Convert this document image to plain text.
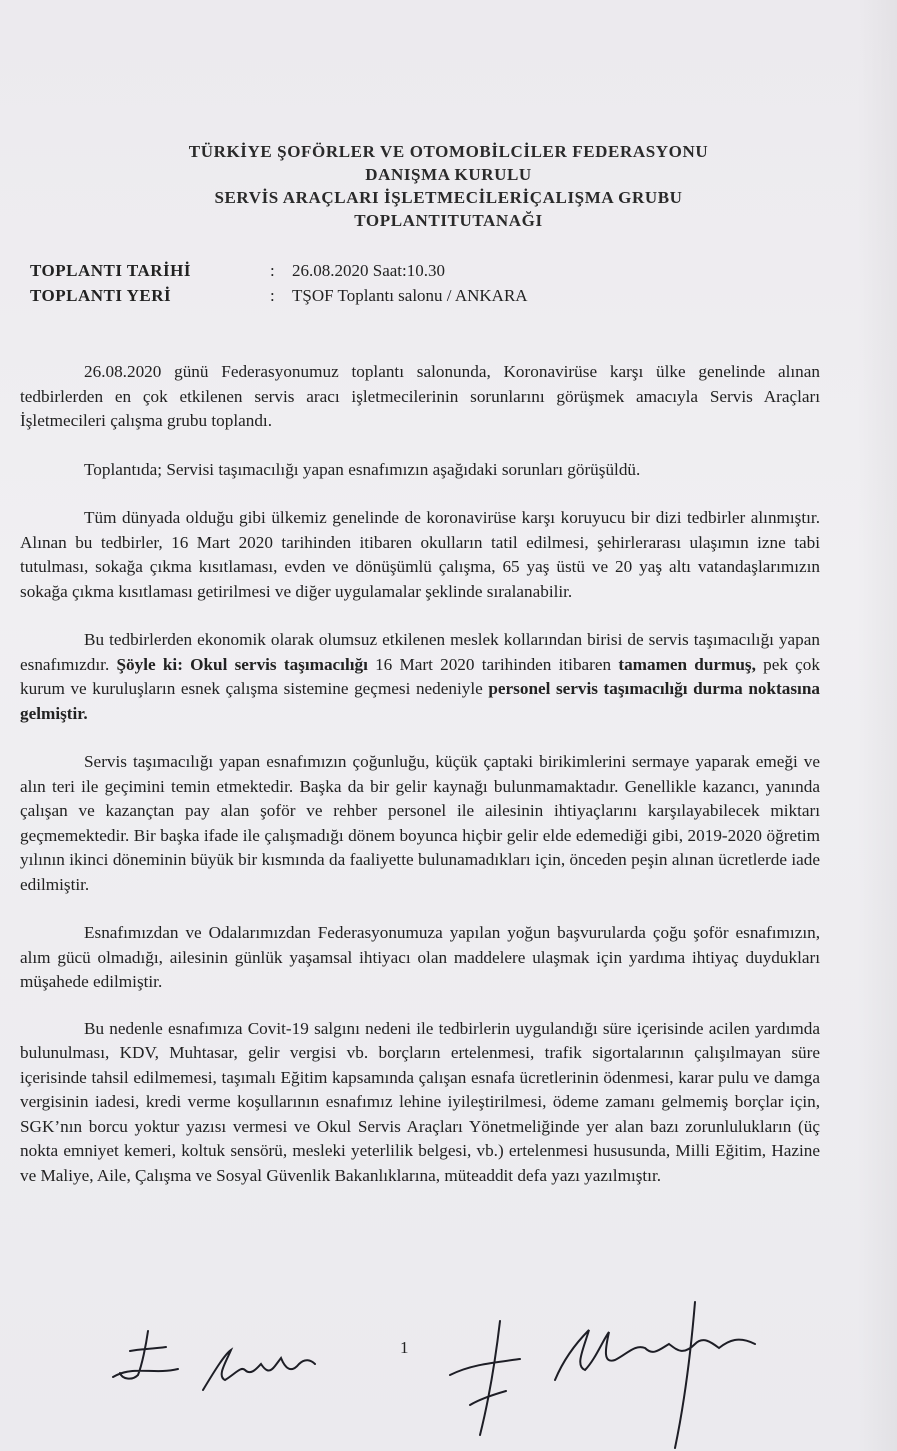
TÜRKİYE ŞOFÖRLER VE OTOMOBİLCİLER FEDERASYONU
DANIŞMA KURULU
SERVİS ARAÇLARI İŞLETMECİLERİÇALIŞMA GRUBU
TOPLANTITUTANAĞI
TOPLANTI TARİHİ	:	26.08.2020 Saat:10.30
TOPLANTI YERİ	:	TŞOF Toplantı salonu / ANKARA

26.08.2020 günü Federasyonumuz toplantı salonunda, Koronavirüse karşı ülke genelinde alınan tedbirlerden en çok etkilenen servis aracı işletmecilerinin sorunlarını görüşmek amacıyla Servis Araçları İşletmecileri çalışma grubu toplandı.

Toplantıda; Servisi taşımacılığı yapan esnafımızın aşağıdaki sorunları görüşüldü.

Tüm dünyada olduğu gibi ülkemiz genelinde de koronavirüse karşı koruyucu bir dizi tedbirler alınmıştır. Alınan bu tedbirler, 16 Mart 2020 tarihinden itibaren okulların tatil edilmesi, şehirlerarası ulaşımın izne tabi tutulması, sokağa çıkma kısıtlaması, evden ve dönüşümlü çalışma, 65 yaş üstü ve 20 yaş altı vatandaşlarımızın sokağa çıkma kısıtlaması getirilmesi ve diğer uygulamalar şeklinde sıralanabilir.

Bu tedbirlerden ekonomik olarak olumsuz etkilenen meslek kollarından birisi de servis taşımacılığı yapan esnafımızdır. Şöyle ki: Okul servis taşımacılığı 16 Mart 2020 tarihinden itibaren tamamen durmuş, pek çok kurum ve kuruluşların esnek çalışma sistemine geçmesi nedeniyle personel servis taşımacılığı durma noktasına gelmiştir.

Servis taşımacılığı yapan esnafımızın çoğunluğu, küçük çaptaki birikimlerini sermaye yaparak emeği ve alın teri ile geçimini temin etmektedir. Başka da bir gelir kaynağı bulunmamaktadır. Genellikle kazancı, yanında çalışan ve kazançtan pay alan şoför ve rehber personel ile ailesinin ihtiyaçlarını karşılayabilecek miktarı geçmemektedir. Bir başka ifade ile çalışmadığı dönem boyunca hiçbir gelir elde edemediği gibi, 2019-2020 öğretim yılının ikinci döneminin büyük bir kısmında da faaliyette bulunamadıkları için, önceden peşin alınan ücretlerde iade edilmiştir.

Esnafımızdan ve Odalarımızdan Federasyonumuza yapılan yoğun başvurularda çoğu şoför esnafımızın, alım gücü olmadığı, ailesinin günlük yaşamsal ihtiyacı olan maddelere ulaşmak için yardıma ihtiyaç duydukları müşahede edilmiştir.

Bu nedenle esnafımıza Covit-19 salgını nedeni ile tedbirlerin uygulandığı süre içerisinde acilen yardımda bulunulması, KDV, Muhtasar, gelir vergisi vb. borçların ertelenmesi, trafik sigortalarının çalışılmayan süre içerisinde tahsil edilmemesi, taşımalı Eğitim kapsamında çalışan esnafa ücretlerinin ödenmesi, karar pulu ve damga vergisinin iadesi, kredi verme koşullarının esnafımız lehine iyileştirilmesi, ödeme zamanı gelmemiş borçlar için, SGK’nın borcu yoktur yazısı vermesi ve Okul Servis Araçları Yönetmeliğinde yer alan bazı zorunlulukların (üç nokta emniyet kemeri, koltuk sensörü, mesleki yeterlilik belgesi, vb.) ertelenmesi hususunda, Milli Eğitim, Hazine ve Maliye, Aile, Çalışma ve Sosyal Güvenlik Bakanlıklarına, müteaddit defa yazı yazılmıştır.

1
